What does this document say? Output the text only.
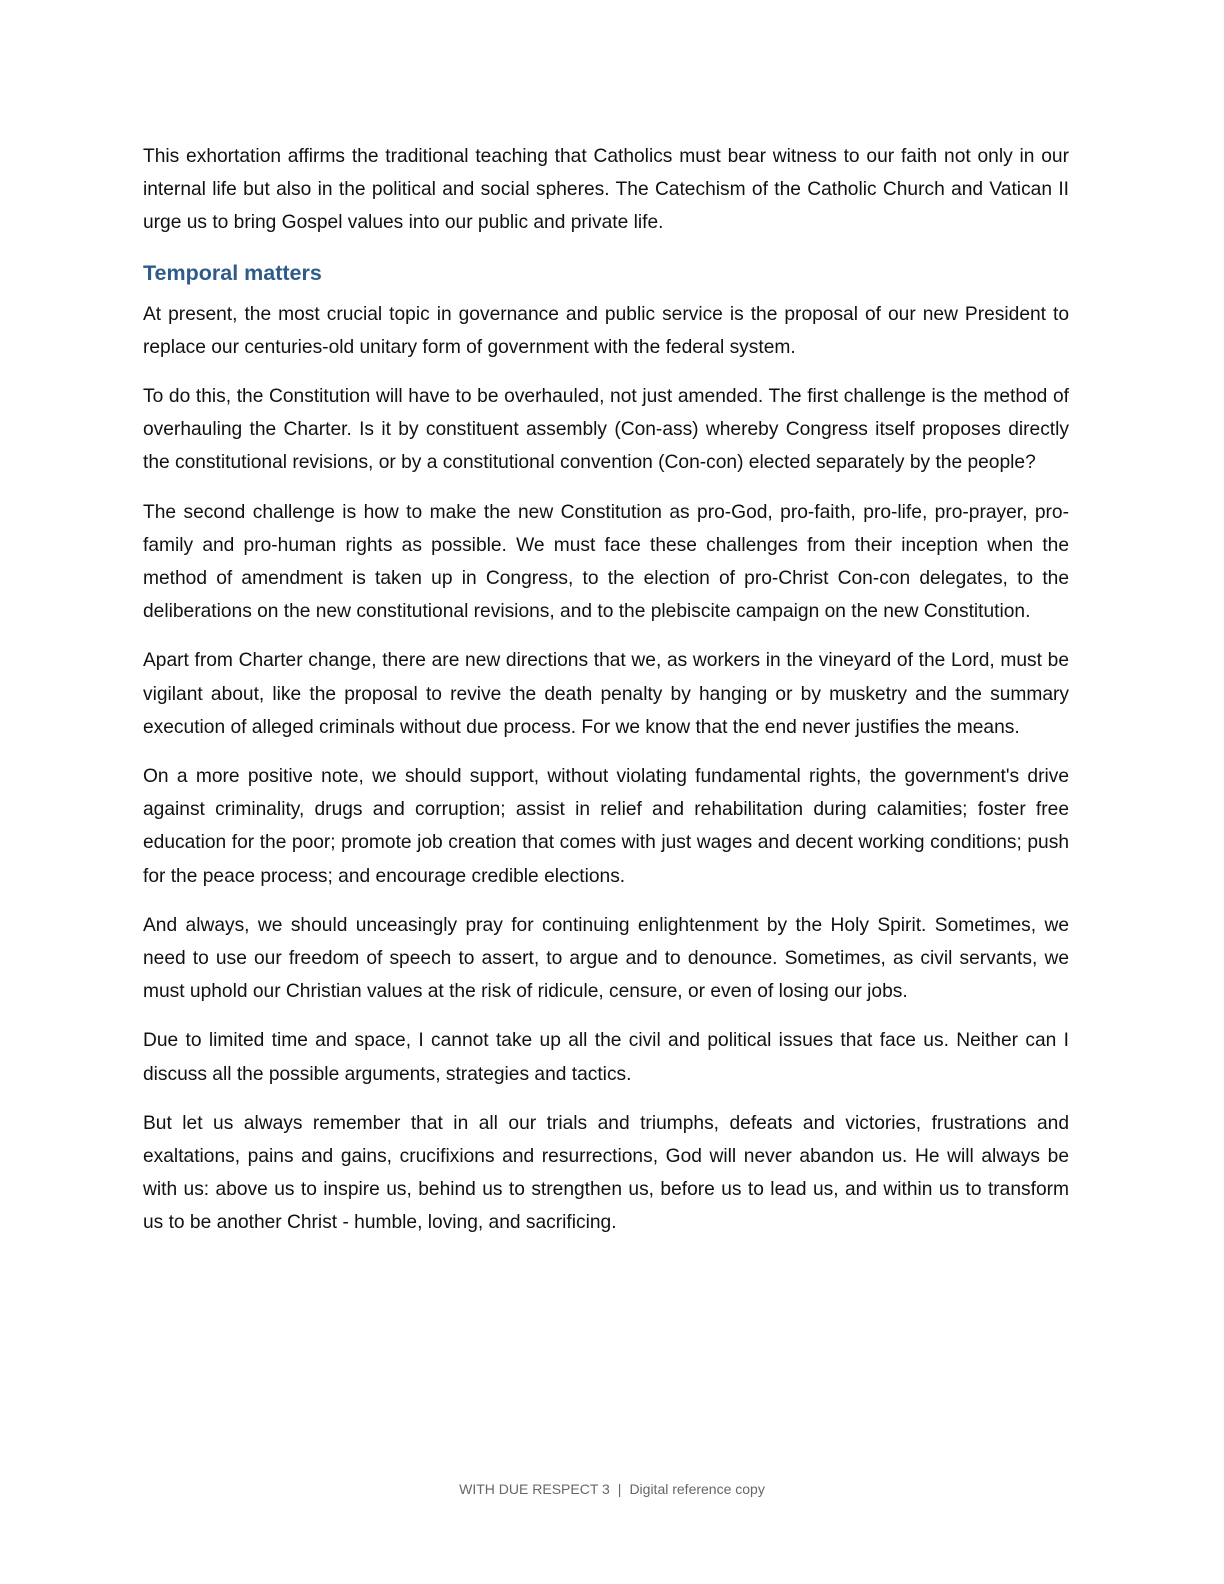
This exhortation affirms the traditional teaching that Catholics must bear witness to our faith not only in our internal life but also in the political and social spheres. The Catechism of the Catholic Church and Vatican II urge us to bring Gospel values into our public and private life.

Temporal matters

At present, the most crucial topic in governance and public service is the proposal of our new President to replace our centuries-old unitary form of government with the federal system.

To do this, the Constitution will have to be overhauled, not just amended. The first challenge is the method of overhauling the Charter. Is it by constituent assembly (Con-ass) whereby Congress itself proposes directly the constitutional revisions, or by a constitutional convention (Con-con) elected separately by the people?

The second challenge is how to make the new Constitution as pro-God, pro-faith, pro-life, pro-prayer, pro-family and pro-human rights as possible. We must face these challenges from their inception when the method of amendment is taken up in Congress, to the election of pro-Christ Con-con delegates, to the deliberations on the new constitutional revisions, and to the plebiscite campaign on the new Constitution.

Apart from Charter change, there are new directions that we, as workers in the vineyard of the Lord, must be vigilant about, like the proposal to revive the death penalty by hanging or by musketry and the summary execution of alleged criminals without due process. For we know that the end never justifies the means.

On a more positive note, we should support, without violating fundamental rights, the government's drive against criminality, drugs and corruption; assist in relief and rehabilitation during calamities; foster free education for the poor; promote job creation that comes with just wages and decent working conditions; push for the peace process; and encourage credible elections.

And always, we should unceasingly pray for continuing enlightenment by the Holy Spirit. Sometimes, we need to use our freedom of speech to assert, to argue and to denounce. Sometimes, as civil servants, we must uphold our Christian values at the risk of ridicule, censure, or even of losing our jobs.

Due to limited time and space, I cannot take up all the civil and political issues that face us. Neither can I discuss all the possible arguments, strategies and tactics.

But let us always remember that in all our trials and triumphs, defeats and victories, frustrations and exaltations, pains and gains, crucifixions and resurrections, God will never abandon us. He will always be with us: above us to inspire us, behind us to strengthen us, before us to lead us, and within us to transform us to be another Christ - humble, loving, and sacrificing.

WITH DUE RESPECT 3 | Digital reference copy
